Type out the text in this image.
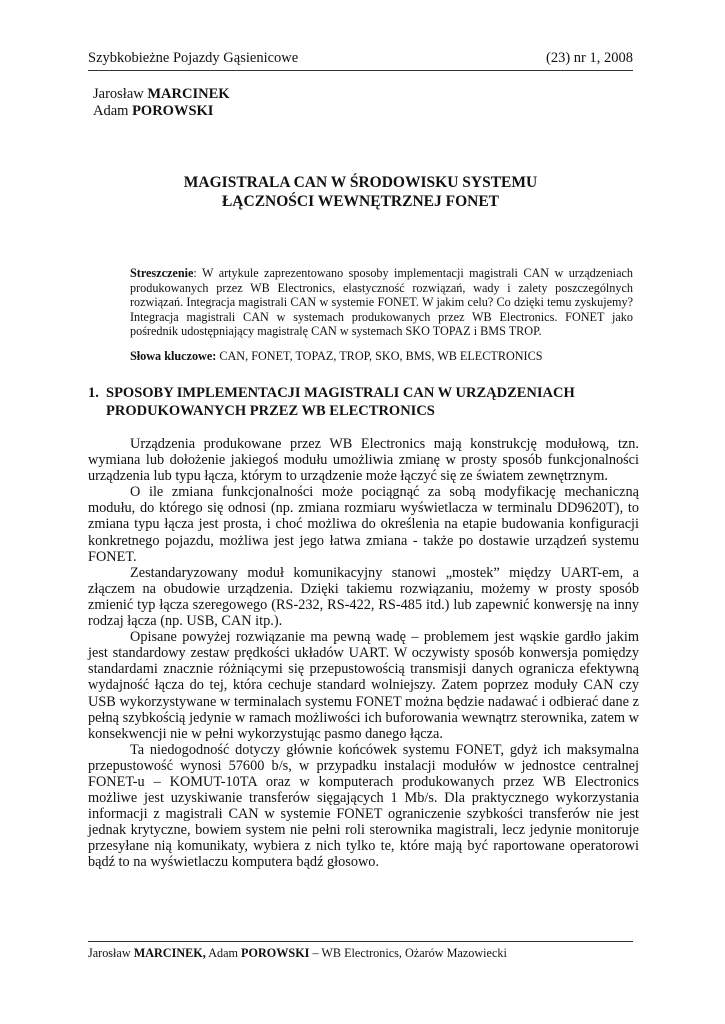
Szybkobieżne Pojazdy Gąsienicowe	(23) nr 1, 2008
Jarosław MARCINEK
Adam POROWSKI
MAGISTRALA CAN W ŚRODOWISKU SYSTEMU
ŁĄCZNOŚCI WEWNĘTRZNEJ FONET
Streszczenie: W artykule zaprezentowano sposoby implementacji magistrali CAN w urządzeniach produkowanych przez WB Electronics, elastyczność rozwiązań, wady i zalety poszczególnych rozwiązań. Integracja magistrali CAN w systemie FONET. W jakim celu? Co dzięki temu zyskujemy? Integracja magistrali CAN w systemach produkowanych przez WB Electronics. FONET jako pośrednik udostępniający magistralę CAN w systemach SKO TOPAZ i BMS TROP.
Słowa kluczowe: CAN, FONET, TOPAZ, TROP, SKO, BMS, WB ELECTRONICS
1. SPOSOBY IMPLEMENTACJI MAGISTRALI CAN W URZĄDZENIACH
PRODUKOWANYCH PRZEZ WB ELECTRONICS

Urządzenia produkowane przez WB Electronics mają konstrukcję modułową, tzn. wymiana lub dołożenie jakiegoś modułu umożliwia zmianę w prosty sposób funkcjonalności urządzenia lub typu łącza, którym to urządzenie może łączyć się ze światem zewnętrznym.

O ile zmiana funkcjonalności może pociągnąć za sobą modyfikację mechaniczną modułu, do którego się odnosi (np. zmiana rozmiaru wyświetlacza w terminalu DD9620T), to zmiana typu łącza jest prosta, i choć możliwa do określenia na etapie budowania konfiguracji konkretnego pojazdu, możliwa jest jego łatwa zmiana - także po dostawie urządzeń systemu FONET.

Zestandaryzowany moduł komunikacyjny stanowi „mostek” między UART-em, a złączem na obudowie urządzenia. Dzięki takiemu rozwiązaniu, możemy w prosty sposób zmienić typ łącza szeregowego (RS-232, RS-422, RS-485 itd.) lub zapewnić konwersję na inny rodzaj łącza (np. USB, CAN itp.).

Opisane powyżej rozwiązanie ma pewną wadę – problemem jest wąskie gardło jakim jest standardowy zestaw prędkości układów UART. W oczywisty sposób konwersja pomiędzy standardami znacznie różniącymi się przepustowością transmisji danych ogranicza efektywną wydajność łącza do tej, która cechuje standard wolniejszy. Zatem poprzez moduły CAN czy USB wykorzystywane w terminalach systemu FONET można będzie nadawać i odbierać dane z pełną szybkością jedynie w ramach możliwości ich buforowania wewnątrz sterownika, zatem w konsekwencji nie w pełni wykorzystując pasmo danego łącza.

Ta niedogodność dotyczy głównie końcówek systemu FONET, gdyż ich maksymalna przepustowość wynosi 57600 b/s, w przypadku instalacji modułów w jednostce centralnej FONET-u – KOMUT-10TA oraz w komputerach produkowanych przez WB Electronics możliwe jest uzyskiwanie transferów sięgających 1 Mb/s. Dla praktycznego wykorzystania informacji z magistrali CAN w systemie FONET ograniczenie szybkości transferów nie jest jednak krytyczne, bowiem system nie pełni roli sterownika magistrali, lecz jedynie monitoruje przesyłane nią komunikaty, wybiera z nich tylko te, które mają być raportowane operatorowi bądź to na wyświetlaczu komputera bądź głosowo.

Jarosław MARCINEK, Adam POROWSKI – WB Electronics, Ożarów Mazowiecki
